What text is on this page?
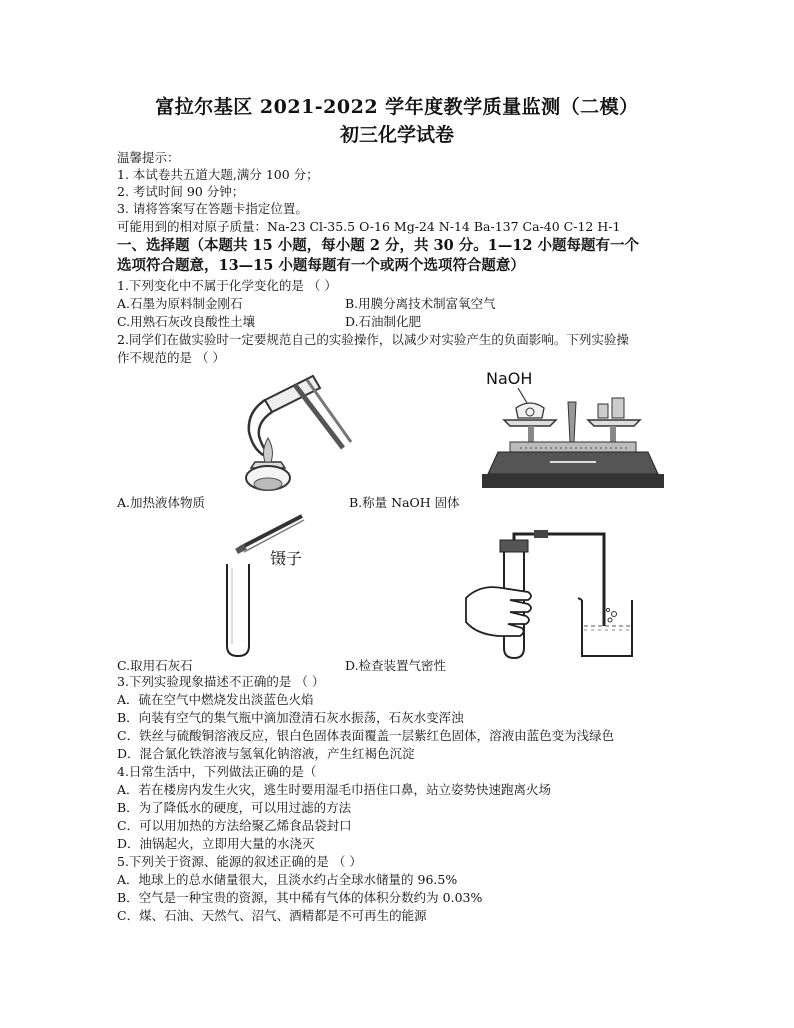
富拉尔基区 2021-2022 学年度教学质量监测（二模）
初三化学试卷
温馨提示：
1. 本试卷共五道大题,满分 100 分；
2. 考试时间 90 分钟；
3. 请将答案写在答题卡指定位置。
可能用到的相对原子质量：Na-23 Cl-35.5 O-16 Mg-24 N-14 Ba-137 Ca-40 C-12 H-1
一、选择题（本题共 15 小题，每小题 2 分，共 30 分。1—12 小题每题有一个
选项符合题意，13—15 小题每题有一个或两个选项符合题意）
1.下列变化中不属于化学变化的是 （ ）
A.石墨为原料制金刚石	B.用膜分离技术制富氧空气
C.用熟石灰改良酸性土壤	D.石油制化肥
2.同学们在做实验时一定要规范自己的实验操作，以减少对实验产生的负面影响。下列实验操
作不规范的是 （ ）
A.加热液体物质
NaOH
B.称量 NaOH 固体
镊子
C.取用石灰石	D.检查装置气密性
3.下列实验现象描述不正确的是 （ ）
A．硫在空气中燃烧发出淡蓝色火焰
B．向装有空气的集气瓶中滴加澄清石灰水振荡，石灰水变浑浊
C．铁丝与硫酸铜溶液反应，银白色固体表面覆盖一层紫红色固体，溶液由蓝色变为浅绿色
D．混合氯化铁溶液与氢氧化钠溶液，产生红褐色沉淀
4.日常生活中，下列做法正确的是（
A．若在楼房内发生火灾，逃生时要用湿毛巾捂住口鼻，站立姿势快速跑离火场
B．为了降低水的硬度，可以用过滤的方法
C．可以用加热的方法给聚乙烯食品袋封口
D．油锅起火，立即用大量的水浇灭
5.下列关于资源、能源的叙述正确的是 （ ）
A．地球上的总水储量很大，且淡水约占全球水储量的 96.5%
B．空气是一种宝贵的资源，其中稀有气体的体积分数约为 0.03%
C．煤、石油、天然气、沼气、酒精都是不可再生的能源
